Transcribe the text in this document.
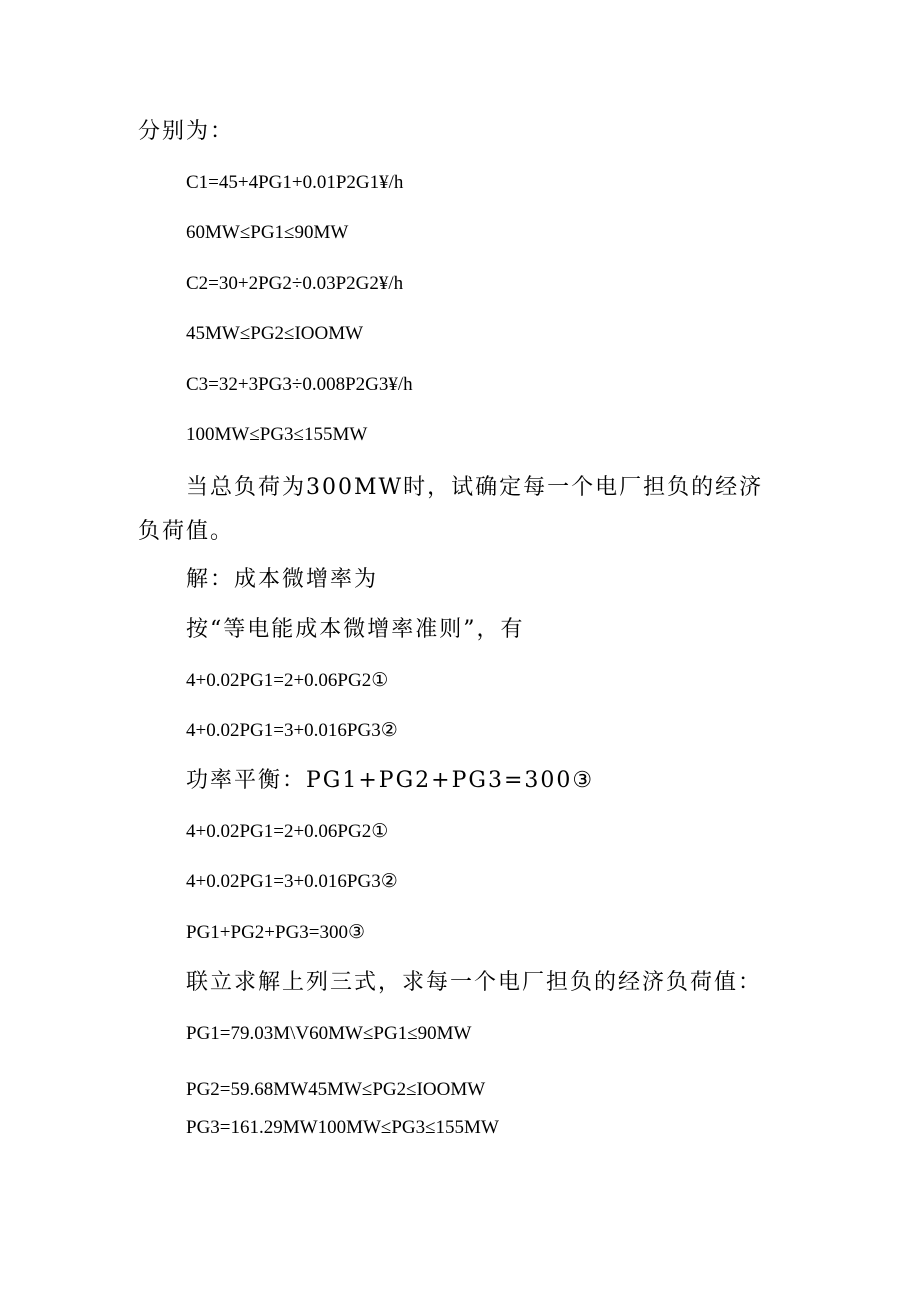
分别为：
C1=45+4PG1+0.01P2G1¥/h
60MW≤PG1≤90MW
C2=30+2PG2÷0.03P2G2¥/h
45MW≤PG2≤IOOMW
C3=32+3PG3÷0.008P2G3¥/h
100MW≤PG3≤155MW
当总负荷为300MW时，试确定每一个电厂担负的经济负荷值。
解：成本微增率为
按“等电能成本微增率准则”，有
4+0.02PG1=2+0.06PG2①
4+0.02PG1=3+0.016PG3②
功率平衡：PG1+PG2+PG3=300③
4+0.02PG1=2+0.06PG2①
4+0.02PG1=3+0.016PG3②
PG1+PG2+PG3=300③
联立求解上列三式，求每一个电厂担负的经济负荷值：
PG1=79.03M\V60MW≤PG1≤90MW
PG2=59.68MW45MW≤PG2≤IOOMW
PG3=161.29MW100MW≤PG3≤155MW
